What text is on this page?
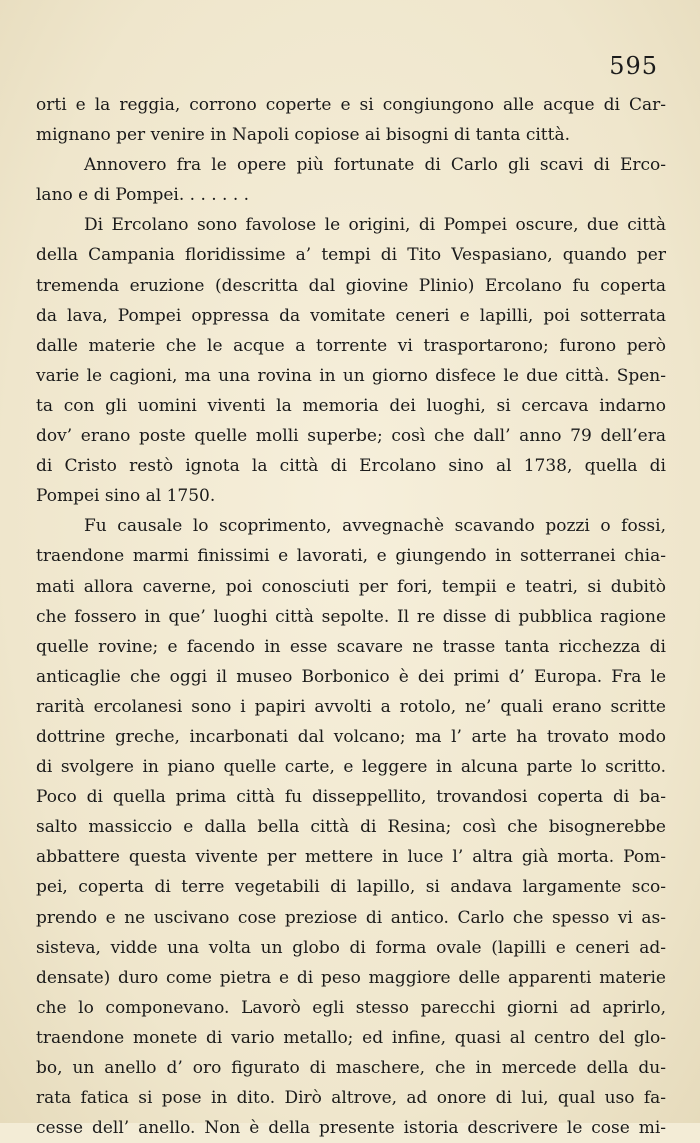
595
orti e la reggia, corrono coperte e si congiungono alle acque di Car-
mignano per venire in Napoli copiose ai bisogni di tanta città.
Annovero fra le opere più fortunate di Carlo gli scavi di Erco-
lano e di Pompei. . . . . . .
Di Ercolano sono favolose le origini, di Pompei oscure, due città
della Campania floridissime a’ tempi di Tito Vespasiano, quando per
tremenda eruzione (descritta dal giovine Plinio) Ercolano fu coperta
da lava, Pompei oppressa da vomitate ceneri e lapilli, poi sotterrata
dalle materie che le acque a torrente vi trasportarono; furono però
varie le cagioni, ma una rovina in un giorno disfece le due città. Spen-
ta con gli uomini viventi la memoria dei luoghi, si cercava indarno
dov’ erano poste quelle molli superbe; così che dall’ anno 79 dell’era
di Cristo restò ignota la città di Ercolano sino al 1738, quella di
Pompei sino al 1750.
Fu causale lo scoprimento, avvegnachè scavando pozzi o fossi,
traendone marmi finissimi e lavorati, e giungendo in sotterranei chia-
mati allora caverne, poi conosciuti per fori, tempii e teatri, si dubitò
che fossero in que’ luoghi città sepolte. Il re disse di pubblica ragione
quelle rovine; e facendo in esse scavare ne trasse tanta ricchezza di
anticaglie che oggi il museo Borbonico è dei primi d’ Europa. Fra le
rarità ercolanesi sono i papiri avvolti a rotolo, ne’ quali erano scritte
dottrine greche, incarbonati dal volcano; ma l’ arte ha trovato modo
di svolgere in piano quelle carte, e leggere in alcuna parte lo scritto.
Poco di quella prima città fu disseppellito, trovandosi coperta di ba-
salto massiccio e dalla bella città di Resina; così che bisognerebbe
abbattere questa vivente per mettere in luce l’ altra già morta. Pom-
pei, coperta di terre vegetabili di lapillo, si andava largamente sco-
prendo e ne uscivano cose preziose di antico. Carlo che spesso vi as-
sisteva, vidde una volta un globo di forma ovale (lapilli e ceneri ad-
densate) duro come pietra e di peso maggiore delle apparenti materie
che lo componevano. Lavorò egli stesso parecchi giorni ad aprirlo,
traendone monete di vario metallo; ed infine, quasi al centro del glo-
bo, un anello d’ oro figurato di maschere, che in mercede della du-
rata fatica si pose in dito. Dirò altrove, ad onore di lui, qual uso fa-
cesse dell’ anello. Non è della presente istoria descrivere le cose mi-
